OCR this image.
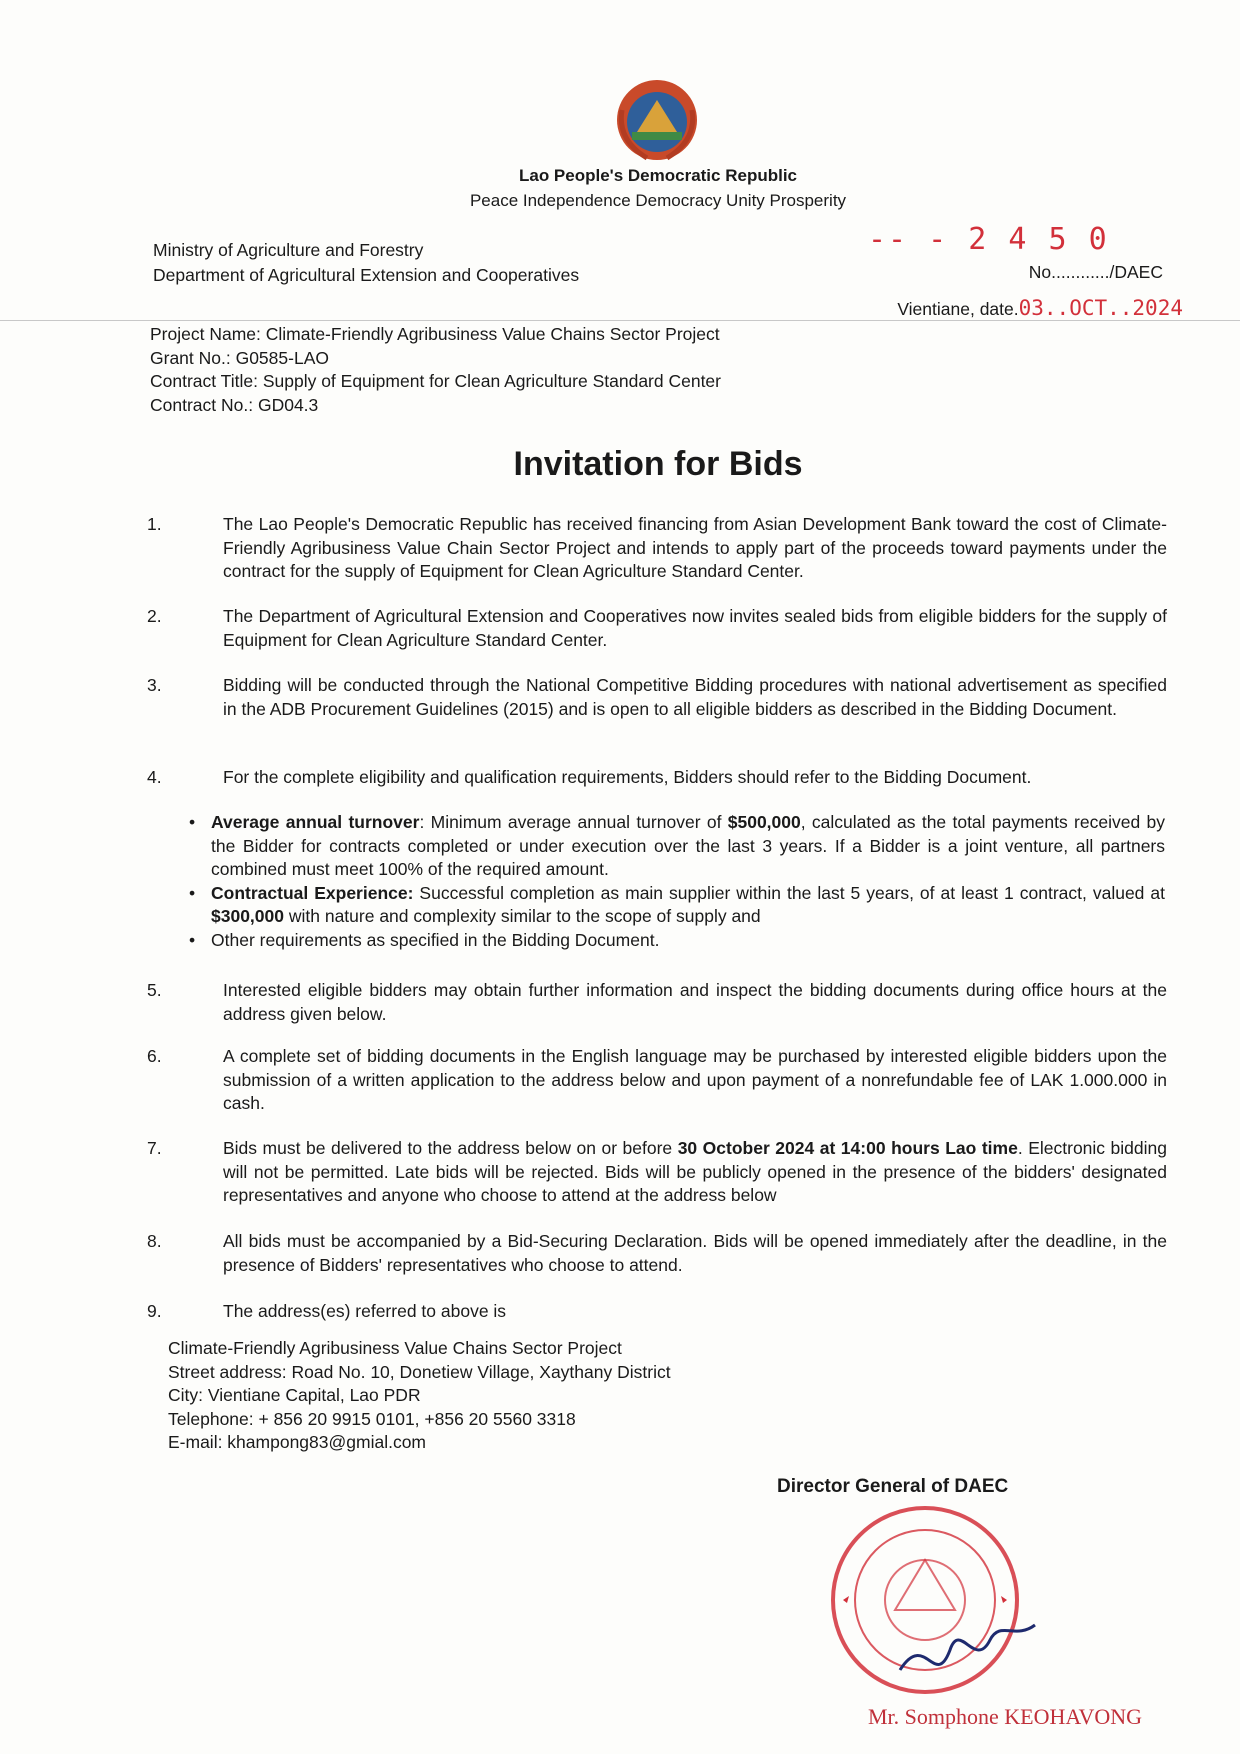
Lao People's Democratic Republic
Peace Independence Democracy Unity Prosperity
Ministry of Agriculture and Forestry
Department of Agricultural Extension and Cooperatives
-- - 2 4 5 0
No............/DAEC
Vientiane, date.03..OCT..2024
Project Name: Climate-Friendly Agribusiness Value Chains Sector Project
Grant No.: G0585-LAO
Contract Title: Supply of Equipment for Clean Agriculture Standard Center
Contract No.: GD04.3
Invitation for Bids
1.	The Lao People's Democratic Republic has received financing from Asian Development Bank toward the cost of Climate-Friendly Agribusiness Value Chain Sector Project and intends to apply part of the proceeds toward payments under the contract for the supply of Equipment for Clean Agriculture Standard Center.
2.	The Department of Agricultural Extension and Cooperatives now invites sealed bids from eligible bidders for the supply of Equipment for Clean Agriculture Standard Center.
3.	Bidding will be conducted through the National Competitive Bidding procedures with national advertisement as specified in the ADB Procurement Guidelines (2015) and is open to all eligible bidders as described in the Bidding Document.
4.	For the complete eligibility and qualification requirements, Bidders should refer to the Bidding Document.
• Average annual turnover: Minimum average annual turnover of $500,000, calculated as the total payments received by the Bidder for contracts completed or under execution over the last 3 years. If a Bidder is a joint venture, all partners combined must meet 100% of the required amount.
• Contractual Experience: Successful completion as main supplier within the last 5 years, of at least 1 contract, valued at $300,000 with nature and complexity similar to the scope of supply and
• Other requirements as specified in the Bidding Document.
5.	Interested eligible bidders may obtain further information and inspect the bidding documents during office hours at the address given below.
6.	A complete set of bidding documents in the English language may be purchased by interested eligible bidders upon the submission of a written application to the address below and upon payment of a nonrefundable fee of LAK 1.000.000 in cash.
7.	Bids must be delivered to the address below on or before 30 October 2024 at 14:00 hours Lao time. Electronic bidding will not be permitted. Late bids will be rejected. Bids will be publicly opened in the presence of the bidders' designated representatives and anyone who choose to attend at the address below
8.	All bids must be accompanied by a Bid-Securing Declaration. Bids will be opened immediately after the deadline, in the presence of Bidders' representatives who choose to attend.
9.	The address(es) referred to above is
Climate-Friendly Agribusiness Value Chains Sector Project
Street address: Road No. 10, Donetiew Village, Xaythany District
City: Vientiane Capital, Lao PDR
Telephone: + 856 20 9915 0101, +856 20 5560 3318
E-mail: khampong83@gmial.com
Director General of DAEC
Mr. Somphone KEOHAVONG
